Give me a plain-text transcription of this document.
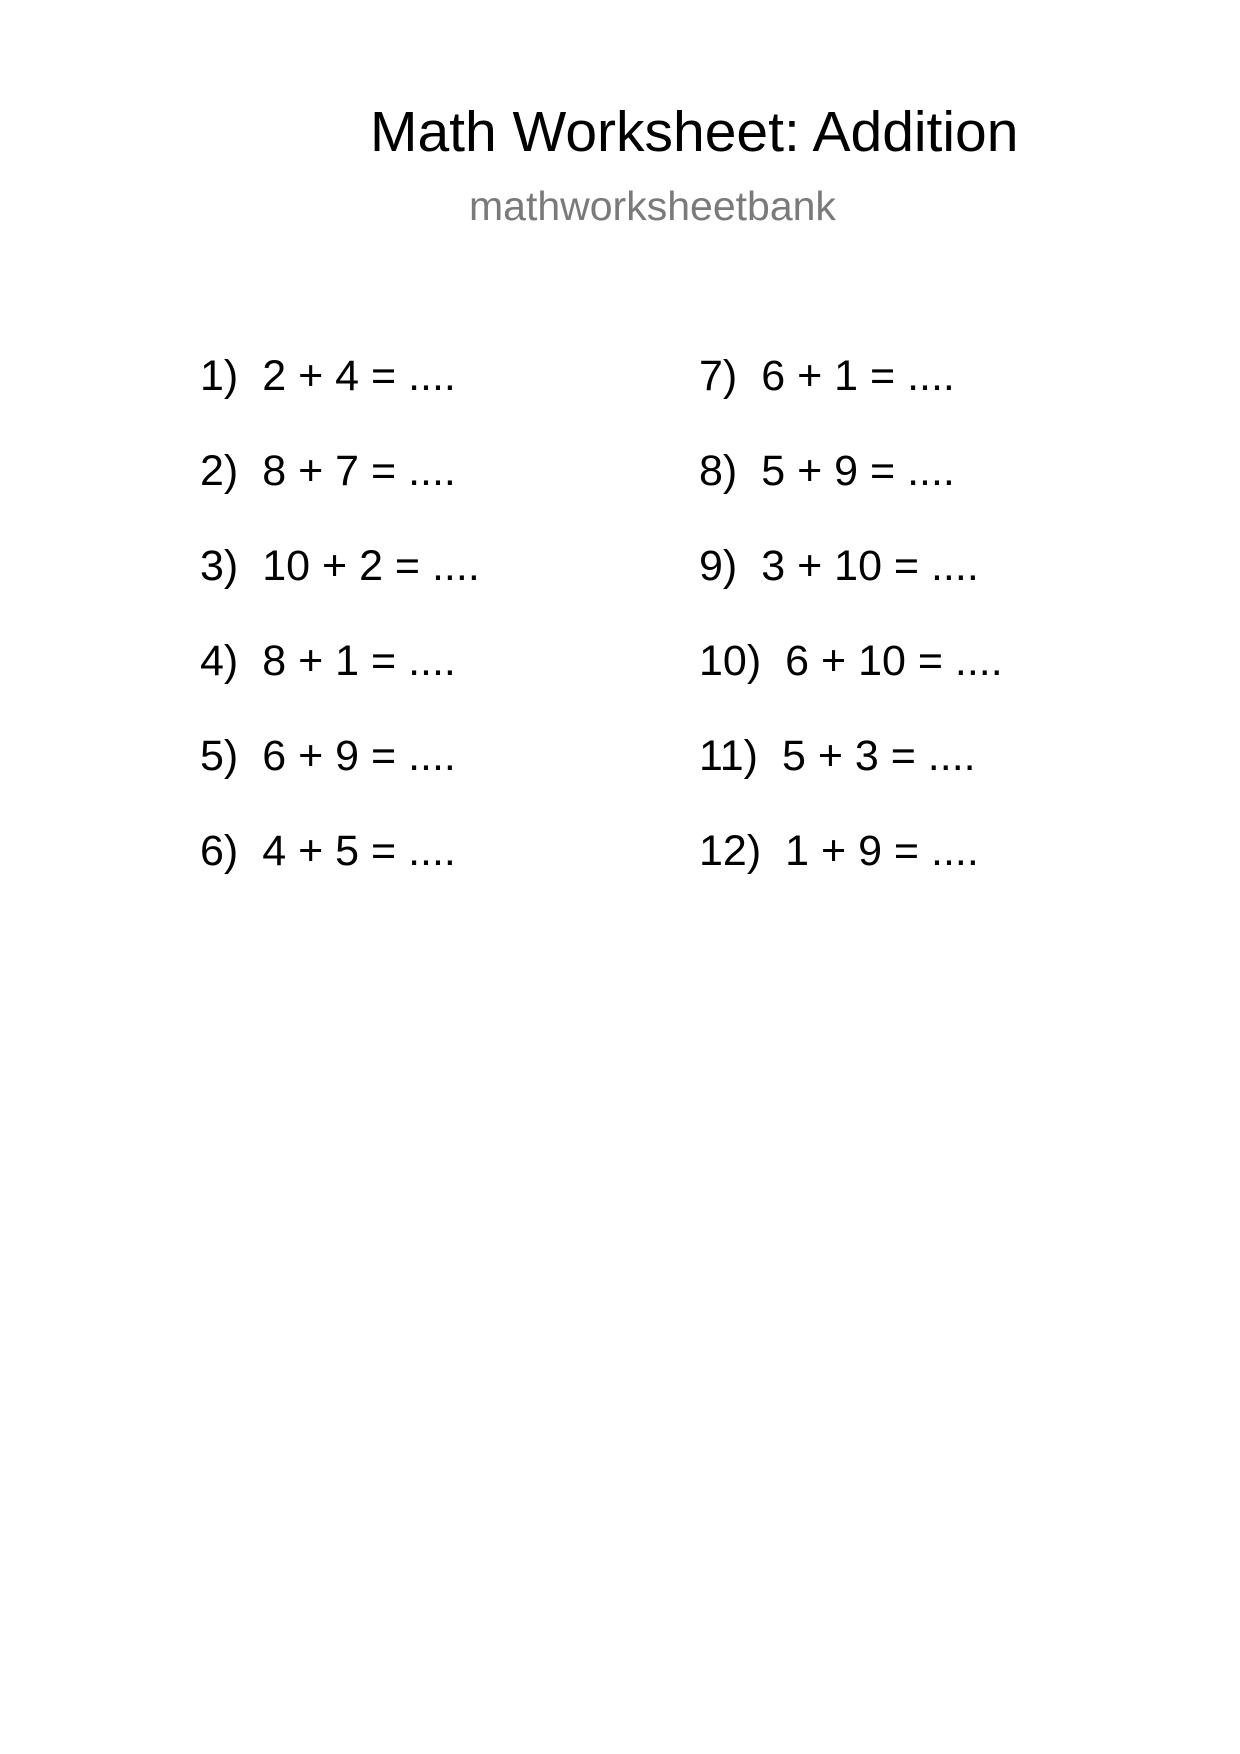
Math Worksheet: Addition
mathworksheetbank
1) 2 + 4 = ....
2) 8 + 7 = ....
3) 10 + 2 = ....
4) 8 + 1 = ....
5) 6 + 9 = ....
6) 4 + 5 = ....
7) 6 + 1 = ....
8) 5 + 9 = ....
9) 3 + 10 = ....
10) 6 + 10 = ....
11) 5 + 3 = ....
12) 1 + 9 = ....
